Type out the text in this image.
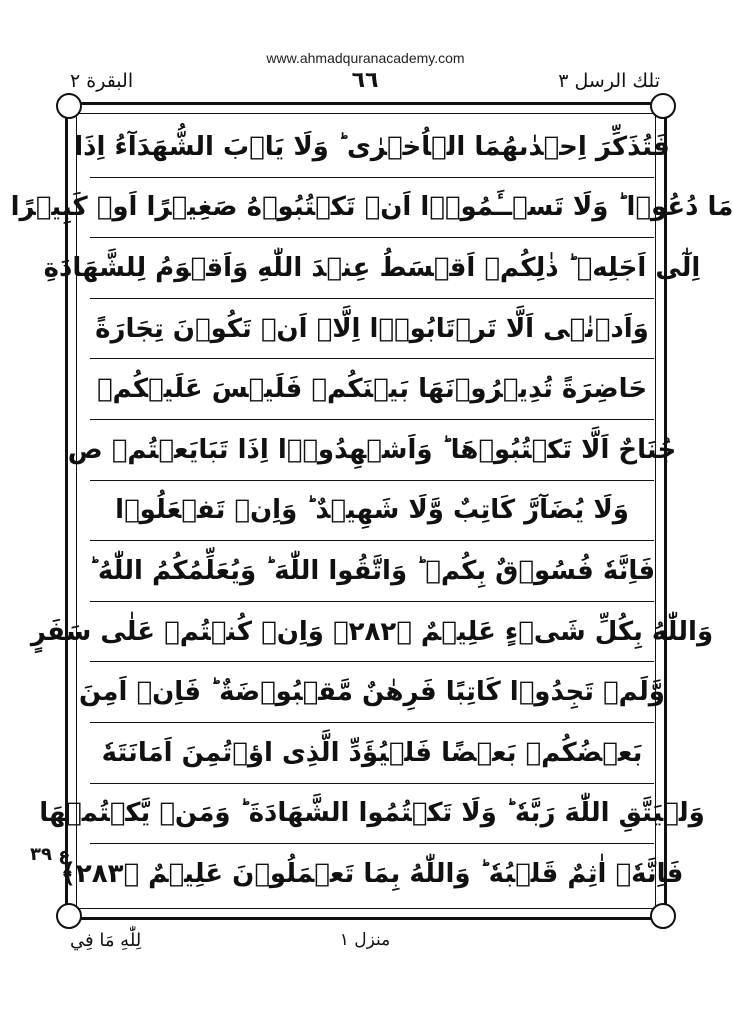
www.ahmadquranacademy.com
البقرة ٢	٦٦	تلك الرسل ٣
فَتُذَكِّرَ اِحۡدٰىهُمَا الۡاُخۡرٰى ؕ وَلَا يَاۡبَ الشُّهَدَآءُ اِذَا
مَا دُعُوۡا ؕ وَلَا تَسۡــَٔمُوۡۤا اَنۡ تَكۡتُبُوۡهُ صَغِيۡرًا اَوۡ كَبِيۡرًا
اِلٰٓى اَجَلِهٖ ؕ ذٰلِكُمۡ اَقۡسَطُ عِنۡدَ اللّٰهِ وَاَقۡوَمُ لِلشَّهَادَةِ
وَاَدۡنٰۤى اَلَّا تَرۡتَابُوۡۤا اِلَّاۤ اَنۡ تَكُوۡنَ تِجَارَةً
حَاضِرَةً تُدِيۡرُوۡنَهَا بَيۡنَكُمۡ فَلَيۡسَ عَلَيۡكُمۡ
جُنَاحٌ اَلَّا تَكۡتُبُوۡهَا ؕ وَاَشۡهِدُوۡۤا اِذَا تَبَايَعۡتُمۡ ص
وَلَا يُضَآرَّ كَاتِبٌ وَّلَا شَهِيۡدٌ ؕ وَاِنۡ تَفۡعَلُوۡا
فَاِنَّهٗ فُسُوۡقٌ بِكُمۡ ؕ وَاتَّقُوا اللّٰهَ ؕ وَيُعَلِّمُكُمُ اللّٰهُ ؕ
وَاللّٰهُ بِكُلِّ شَىۡءٍ عَلِيۡمٌ ﴿٢٨٢﴾ وَاِنۡ كُنۡتُمۡ عَلٰى سَفَرٍ
وَّلَمۡ تَجِدُوۡا كَاتِبًا فَرِهٰنٌ مَّقۡبُوۡضَةٌ ؕ فَاِنۡ اَمِنَ
بَعۡضُكُمۡ بَعۡضًا فَلۡيُؤَدِّ الَّذِى اؤۡتُمِنَ اَمَانَتَهٗ
وَلۡيَتَّقِ اللّٰهَ رَبَّهٗ ؕ وَلَا تَكۡتُمُوا الشَّهَادَةَ ؕ وَمَنۡ يَّكۡتُمۡهَا
فَاِنَّهٗۤ اٰثِمٌ قَلۡبُهٗ ؕ وَاللّٰهُ بِمَا تَعۡمَلُوۡنَ عَلِيۡمٌ ﴿٢٨٣﴾
ع ٣٩
لِلّٰهِ مَا فِي	منزل ١
